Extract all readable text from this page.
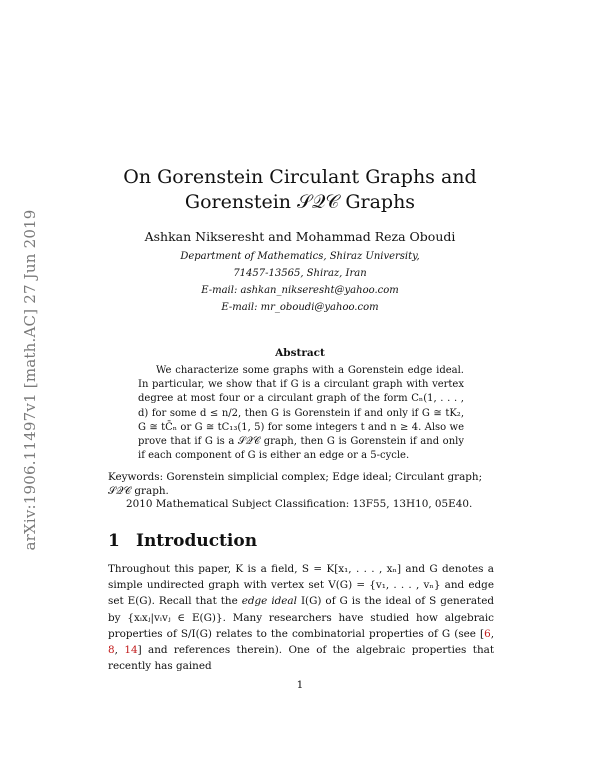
arXiv:1906.11497v1 [math.AC] 27 Jun 2019
On Gorenstein Circulant Graphs and
Gorenstein 𝒮𝒬𝒞 Graphs
Ashkan Nikseresht and Mohammad Reza Oboudi
Department of Mathematics, Shiraz University,
71457-13565, Shiraz, Iran
E-mail: ashkan_nikseresht@yahoo.com
E-mail: mr_oboudi@yahoo.com
Abstract

We characterize some graphs with a Gorenstein edge ideal. In particular, we show that if G is a circulant graph with vertex degree at most four or a circulant graph of the form Cₙ(1, . . . , d) for some d ≤ n/2, then G is Gorenstein if and only if G ≅ tK₂, G ≅ tC̄ₙ or G ≅ tC₁₃(1, 5) for some integers t and n ≥ 4. Also we prove that if G is a 𝒮𝒬𝒞 graph, then G is Gorenstein if and only if each component of G is either an edge or a 5-cycle.

Keywords: Gorenstein simplicial complex; Edge ideal; Circulant graph; 𝒮𝒬𝒞 graph.
2010 Mathematical Subject Classification: 13F55, 13H10, 05E40.
1 Introduction
Throughout this paper, K is a field, S = K[x₁, . . . , xₙ] and G denotes a simple undirected graph with vertex set V(G) = {v₁, . . . , vₙ} and edge set E(G). Recall that the edge ideal I(G) of G is the ideal of S generated by {xᵢxⱼ|vᵢvⱼ ∈ E(G)}. Many researchers have studied how algebraic properties of S/I(G) relates to the combinatorial properties of G (see [6, 8, 14] and references therein). One of the algebraic properties that recently has gained
1
